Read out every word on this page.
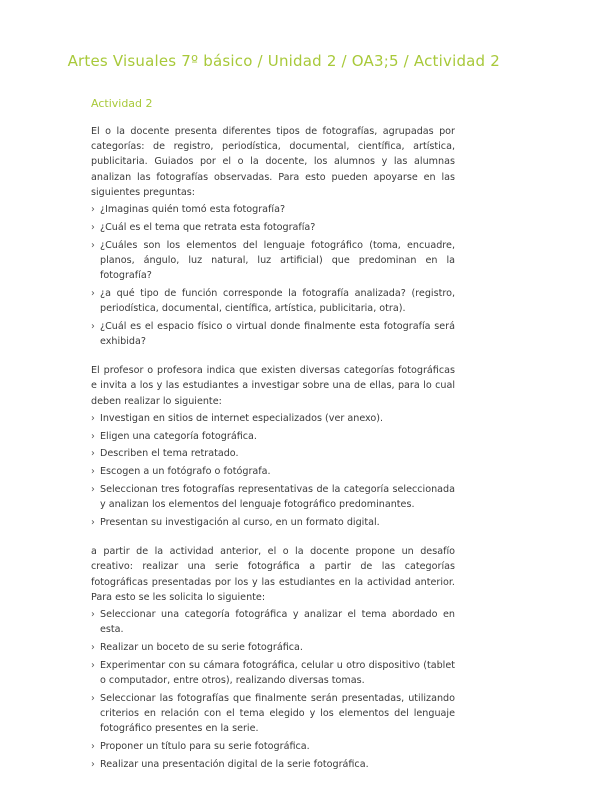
Artes Visuales 7º básico / Unidad 2 / OA3;5 / Actividad 2
Actividad 2

El o la docente presenta diferentes tipos de fotografías, agrupadas por categorías: de registro, periodística, documental, científica, artística, publicitaria. Guiados por el o la docente, los alumnos y las alumnas analizan las fotografías observadas. Para esto pueden apoyarse en las siguientes preguntas:

› ¿Imaginas quién tomó esta fotografía?
› ¿Cuál es el tema que retrata esta fotografía?
› ¿Cuáles son los elementos del lenguaje fotográfico (toma, encuadre, planos, ángulo, luz natural, luz artificial) que predominan en la fotografía?
› ¿a qué tipo de función corresponde la fotografía analizada? (registro, periodística, documental, científica, artística, publicitaria, otra).
› ¿Cuál es el espacio físico o virtual donde finalmente esta fotografía será exhibida?

El profesor o profesora indica que existen diversas categorías fotográficas e invita a los y las estudiantes a investigar sobre una de ellas, para lo cual deben realizar lo siguiente:

› Investigan en sitios de internet especializados (ver anexo).
› Eligen una categoría fotográfica.
› Describen el tema retratado.
› Escogen a un fotógrafo o fotógrafa.
› Seleccionan tres fotografías representativas de la categoría seleccionada y analizan los elementos del lenguaje fotográfico predominantes.
› Presentan su investigación al curso, en un formato digital.

a partir de la actividad anterior, el o la docente propone un desafío creativo: realizar una serie fotográfica a partir de las categorías fotográficas presentadas por los y las estudiantes en la actividad anterior. Para esto se les solicita lo siguiente:

› Seleccionar una categoría fotográfica y analizar el tema abordado en esta.
› Realizar un boceto de su serie fotográfica.
› Experimentar con su cámara fotográfica, celular u otro dispositivo (tablet o computador, entre otros), realizando diversas tomas.
› Seleccionar las fotografías que finalmente serán presentadas, utilizando criterios en relación con el tema elegido y los elementos del lenguaje fotográfico presentes en la serie.
› Proponer un título para su serie fotográfica.
› Realizar una presentación digital de la serie fotográfica.
